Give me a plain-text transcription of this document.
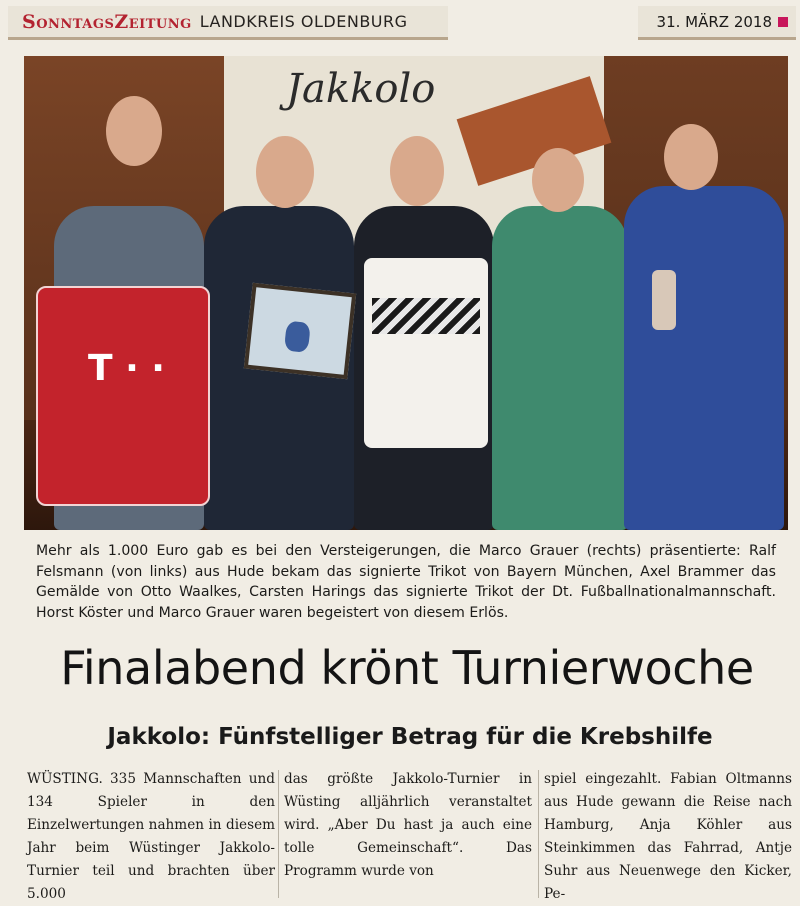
SonntagsZeitung LANDKREIS OLDENBURG	31. MÄRZ 2018
Jakkolo
T · ·

Mehr als 1.000 Euro gab es bei den Versteigerungen, die Marco Grauer (rechts) präsentierte: Ralf Felsmann (von links) aus Hude bekam das signierte Trikot von Bayern München, Axel Brammer das Gemälde von Otto Waalkes, Carsten Harings das signierte Trikot der Dt. Fußballnationalmannschaft. Horst Köster und Marco Grauer waren begeistert von diesem Erlös.

Finalabend krönt Turnierwoche
Jakkolo: Fünfstelliger Betrag für die Krebshilfe

WÜSTING. 335 Mannschaften und 134 Spieler in den Einzelwertungen nahmen in diesem Jahr beim Wüstinger Jakkolo-Turnier teil und brachten über 5.000

das größte Jakkolo-Turnier in Wüsting alljährlich veranstaltet wird. „Aber Du hast ja auch eine tolle Gemeinschaft“. Das Programm wurde von

spiel eingezahlt. Fabian Oltmanns aus Hude gewann die Reise nach Hamburg, Anja Köhler aus Steinkimmen das Fahrrad, Antje Suhr aus Neuenwege den Kicker, Pe-
